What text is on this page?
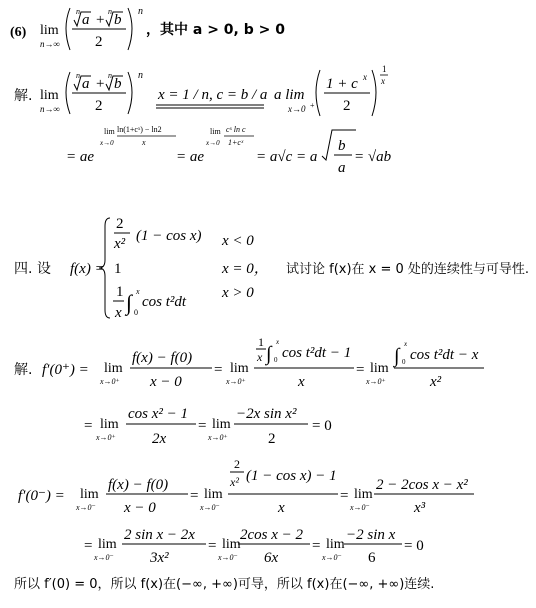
(6) lim
n→∞
n
a +
n
b
2
n
，其中 a > 0, b > 0
解. lim
n→∞
n
a +
n
b
2
n
x = 1 / n, c = b / a a lim
x→0 +
1 + c x
2
1
x
= ae
lim
x→0
ln(1+cˣ) − ln2
x
= ae
lim
x→0
cˣ ln c
1+cˣ
= a√c = a
b
a
= √ab
四. 设 f(x) =
2
x² (1 − cos x) x < 0
1	x = 0，
1
x ∫ x
0
cos t²dt
x > 0
试讨论 f(x)在 x = 0 处的连续性与可导性.
解. f′(0⁺) = lim
x→0⁺
f(x) − f(0)
x − 0
= lim
x→0⁺
1
x ∫
x
0 cos t²dt − 1
x
= lim
x→0⁺
∫
x
0 cos t²dt − x
x²
= lim
x→0⁺
cos x² − 1
2x
= lim
x→0⁺
−2x sin x²
2
= 0
f′(0⁻) = lim
x→0⁻
f(x) − f(0)
x − 0
= lim
x→0⁻
2
x² (1 − cos x) − 1
x
= lim
x→0⁻
2 − 2cos x − x²
x³
= lim
x→0⁻
2 sin x − 2x
3x²
= lim
x→0⁻
2cos x − 2
6x
= lim
x→0⁻
−2 sin x
6
= 0
所以 f′(0) = 0，所以 f(x)在(−∞, +∞)可导，所以 f(x)在(−∞, +∞)连续.
